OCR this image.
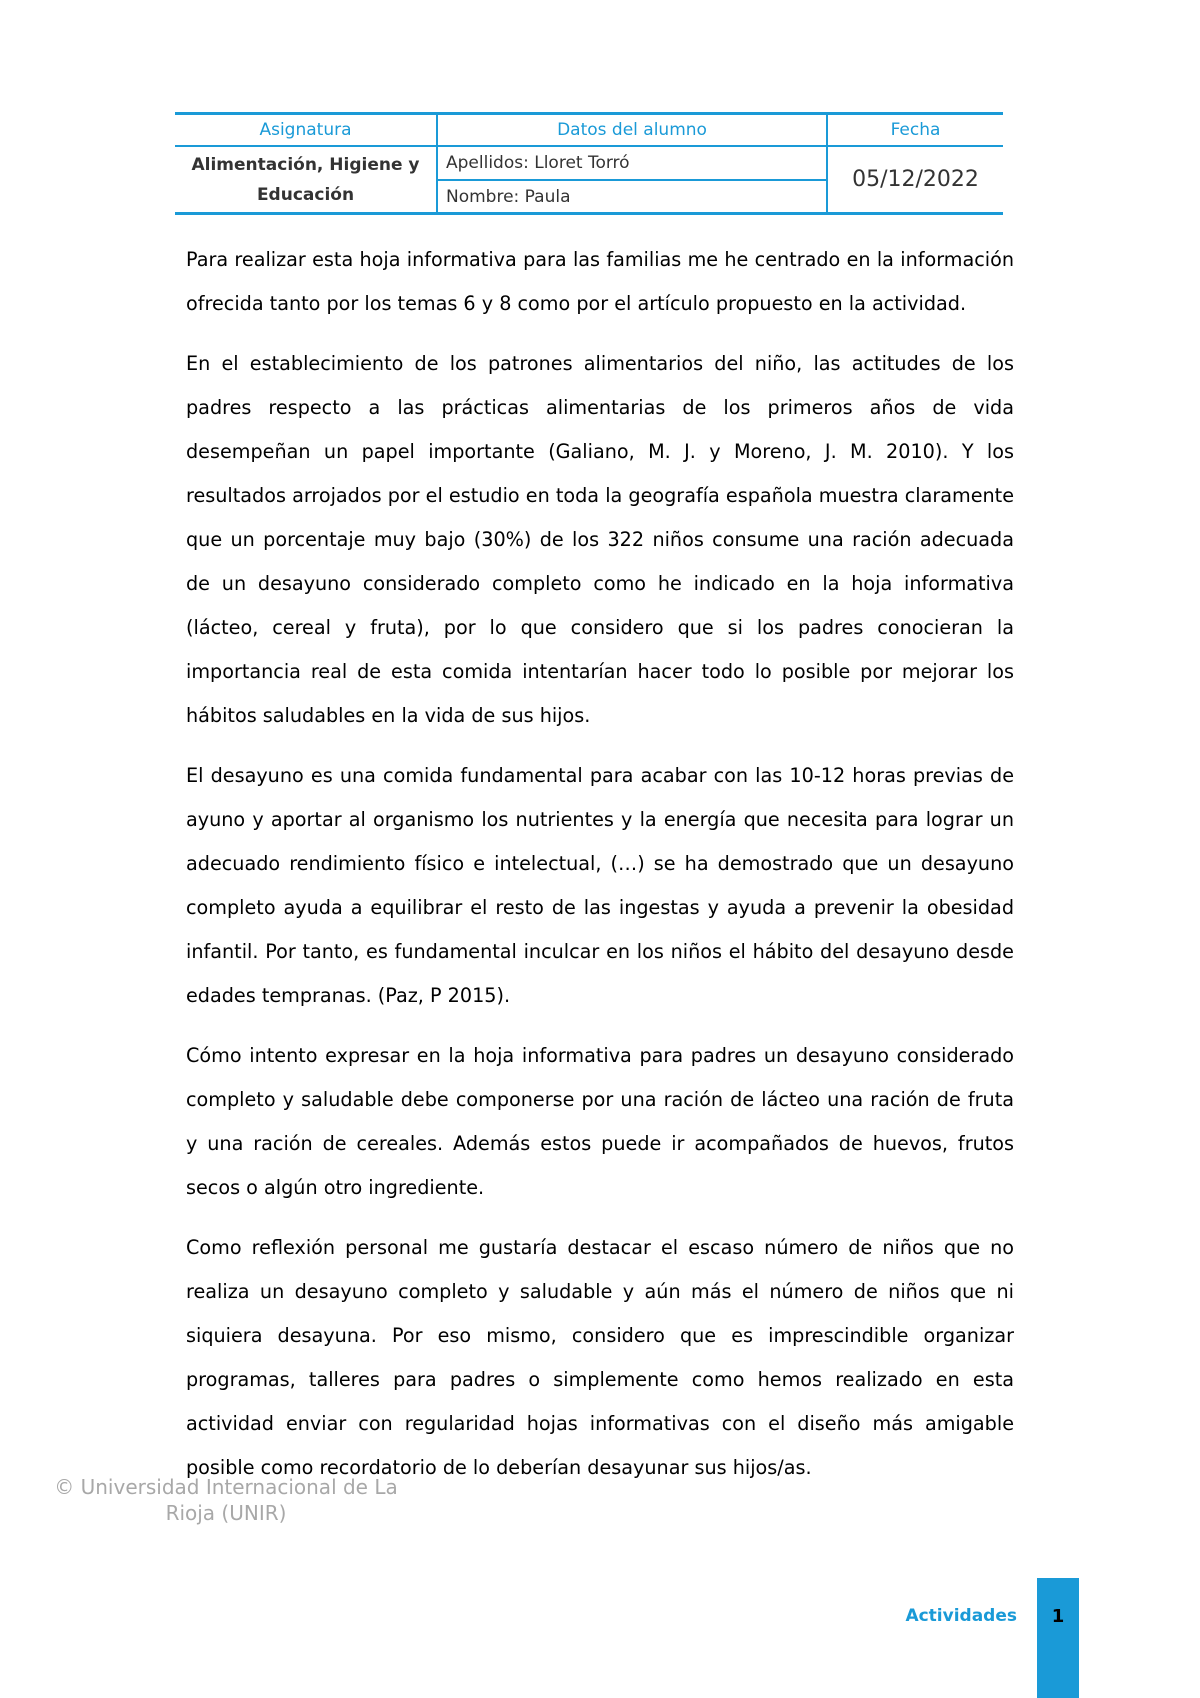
Asignatura	Datos del alumno	Fecha
Alimentación, Higiene y Educación	Apellidos: Lloret Torró	05/12/2022
	Nombre: Paula	

Para realizar esta hoja informativa para las familias me he centrado en la información ofrecida tanto por los temas 6 y 8 como por el artículo propuesto en la actividad.

En el establecimiento de los patrones alimentarios del niño, las actitudes de los padres respecto a las prácticas alimentarias de los primeros años de vida desempeñan un papel importante (Galiano, M. J. y Moreno, J. M. 2010). Y los resultados arrojados por el estudio en toda la geografía española muestra claramente que un porcentaje muy bajo (30%) de los 322 niños consume una ración adecuada de un desayuno considerado completo como he indicado en la hoja informativa (lácteo, cereal y fruta), por lo que considero que si los padres conocieran la importancia real de esta comida intentarían hacer todo lo posible por mejorar los hábitos saludables en la vida de sus hijos.

El desayuno es una comida fundamental para acabar con las 10-12 horas previas de ayuno y aportar al organismo los nutrientes y la energía que necesita para lograr un adecuado rendimiento físico e intelectual, (…) se ha demostrado que un desayuno completo ayuda a equilibrar el resto de las ingestas y ayuda a prevenir la obesidad infantil. Por tanto, es fundamental inculcar en los niños el hábito del desayuno desde edades tempranas. (Paz, P 2015).

Cómo intento expresar en la hoja informativa para padres un desayuno considerado completo y saludable debe componerse por una ración de lácteo una ración de fruta y una ración de cereales. Además estos puede ir acompañados de huevos, frutos secos o algún otro ingrediente.

Como reflexión personal me gustaría destacar el escaso número de niños que no realiza un desayuno completo y saludable y aún más el número de niños que ni siquiera desayuna. Por eso mismo, considero que es imprescindible organizar programas, talleres para padres o simplemente como hemos realizado en esta actividad enviar con regularidad hojas informativas con el diseño más amigable posible como recordatorio de lo deberían desayunar sus hijos/as.

© Universidad Internacional de La Rioja (UNIR)
Actividades	1
